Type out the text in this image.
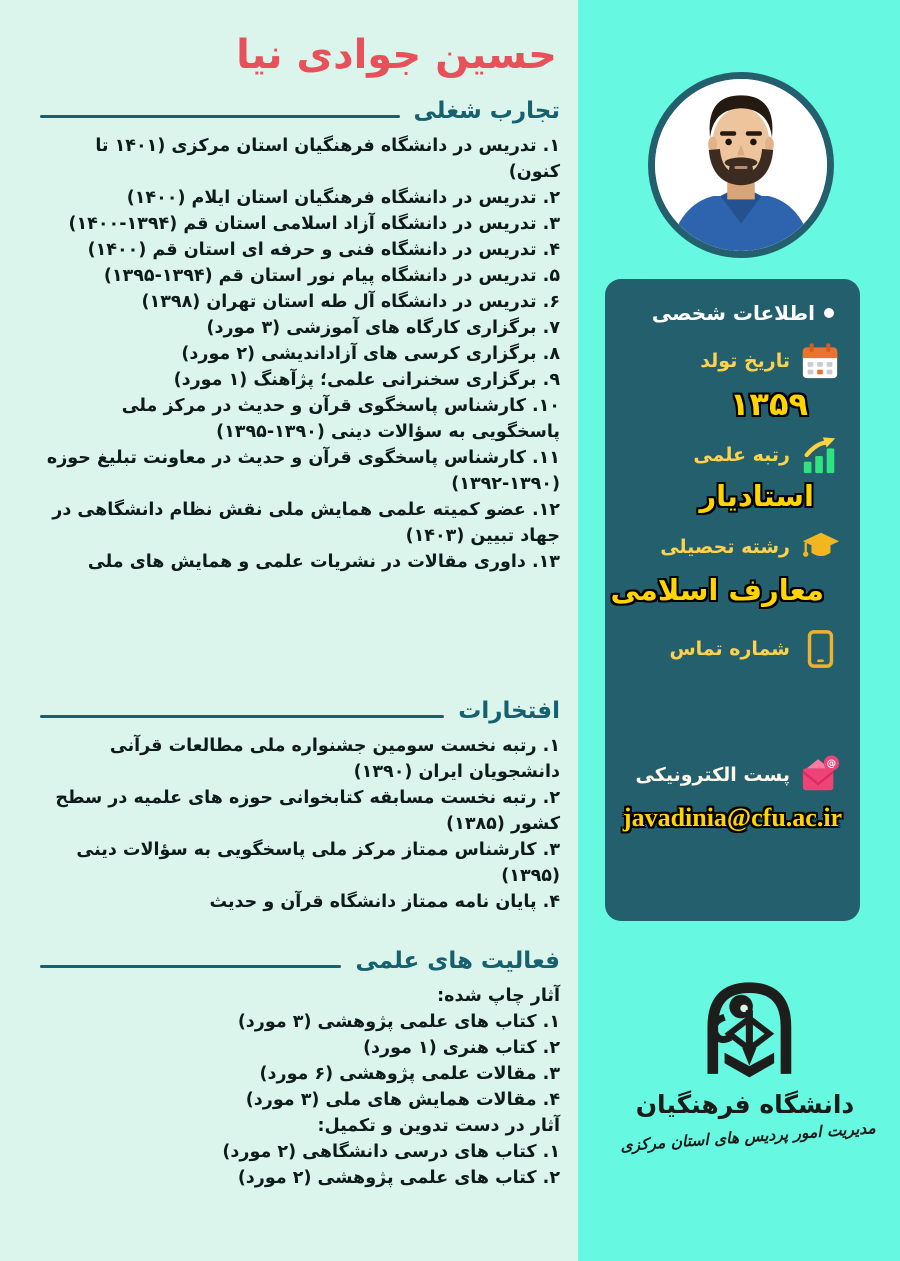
حسین جوادی نیا
تجارب شغلی
۱. تدریس در دانشگاه فرهنگیان استان مرکزی (۱۴۰۱ تا کنون)
۲. تدریس در دانشگاه فرهنگیان استان ایلام (۱۴۰۰)
۳. تدریس در دانشگاه آزاد اسلامی استان قم (۱۳۹۴-۱۴۰۰)
۴. تدریس در دانشگاه فنی و حرفه ای استان قم (۱۴۰۰)
۵. تدریس در دانشگاه پیام نور استان قم (۱۳۹۴-۱۳۹۵)
۶. تدریس در دانشگاه آل طه استان تهران (۱۳۹۸)
۷. برگزاری کارگاه های آموزشی (۳ مورد)
۸. برگزاری کرسی های آزاداندیشی (۲ مورد)
۹. برگزاری سخنرانی علمی؛ پژآهنگ (۱ مورد)
۱۰. کارشناس پاسخگوی قرآن و حدیث در مرکز ملی پاسخگویی به سؤالات دینی (۱۳۹۰-۱۳۹۵)
۱۱. کارشناس پاسخگوی قرآن و حدیث در معاونت تبلیغ حوزه (۱۳۹۰-۱۳۹۲)
۱۲. عضو کمیته علمی همایش ملی نقش نظام دانشگاهی در جهاد تبیین (۱۴۰۳)
۱۳. داوری مقالات در نشریات علمی و همایش های ملی
افتخارات
۱. رتبه نخست سومین جشنواره ملی مطالعات قرآنی دانشجویان ایران (۱۳۹۰)
۲. رتبه نخست مسابقه کتابخوانی حوزه های علمیه در سطح کشور (۱۳۸۵)
۳. کارشناس ممتاز مرکز ملی پاسخگویی به سؤالات دینی (۱۳۹۵)
۴. پایان نامه ممتاز دانشگاه قرآن و حدیث
فعالیت های علمی
آثار چاپ شده:
۱. کتاب های علمی پژوهشی (۳ مورد)
۲. کتاب هنری (۱ مورد)
۳. مقالات علمی پژوهشی (۶ مورد)
۴. مقالات همایش های ملی (۳ مورد)
آثار در دست تدوین و تکمیل:
۱. کتاب های درسی دانشگاهی (۲ مورد)
۲. کتاب های علمی پژوهشی (۲ مورد)
اطلاعات شخصی
تاریخ تولد
۱۳۵۹
رتبه علمی
استادیار
رشته تحصیلی
معارف اسلامی
شماره تماس
@
پست الکترونیکی
javadinia@cfu.ac.ir
دانشگاه فرهنگیان
مدیریت امور پردیس های استان مرکزی
